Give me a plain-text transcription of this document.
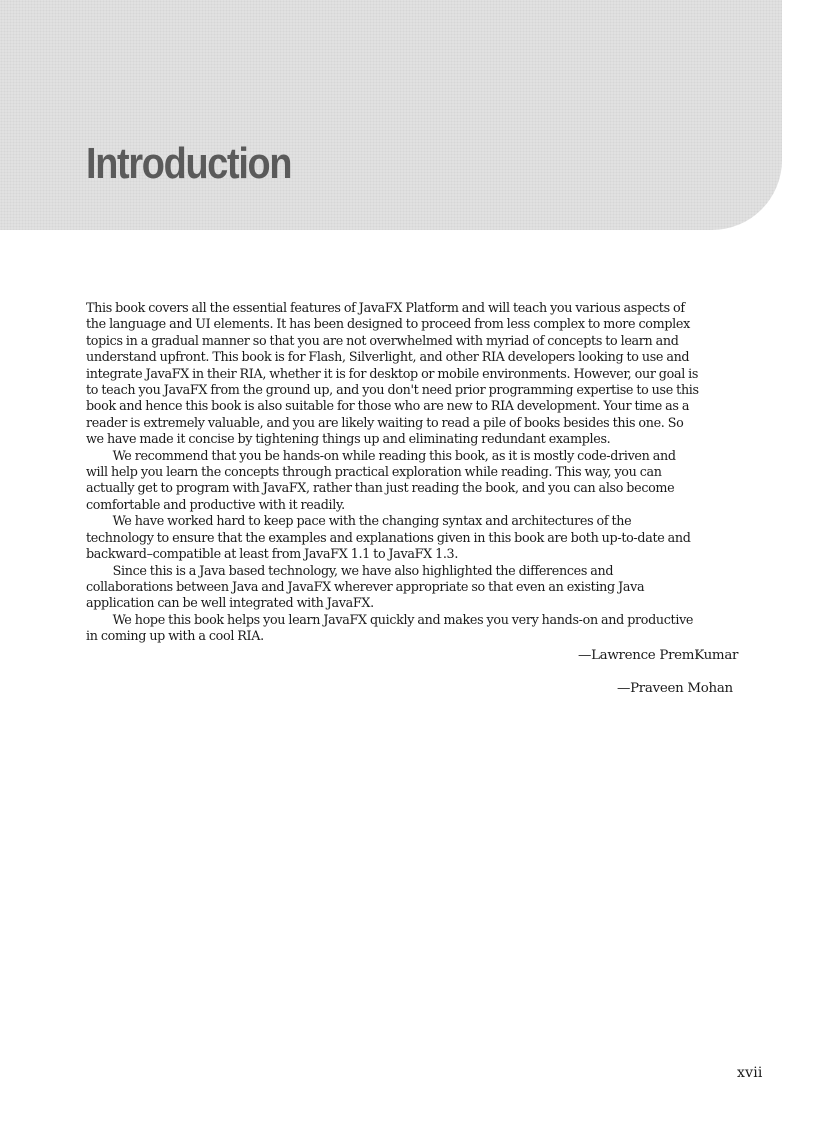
Introduction

This book covers all the essential features of JavaFX Platform and will teach you various aspects of the language and UI elements. It has been designed to proceed from less complex to more complex topics in a gradual manner so that you are not overwhelmed with myriad of concepts to learn and understand upfront. This book is for Flash, Silverlight, and other RIA developers looking to use and integrate JavaFX in their RIA, whether it is for desktop or mobile environments. However, our goal is to teach you JavaFX from the ground up, and you don't need prior programming expertise to use this book and hence this book is also suitable for those who are new to RIA development. Your time as a reader is extremely valuable, and you are likely waiting to read a pile of books besides this one. So we have made it concise by tightening things up and eliminating redundant examples.

We recommend that you be hands-on while reading this book, as it is mostly code-driven and will help you learn the concepts through practical exploration while reading. This way, you can actually get to program with JavaFX, rather than just reading the book, and you can also become comfortable and productive with it readily.

We have worked hard to keep pace with the changing syntax and architectures of the technology to ensure that the examples and explanations given in this book are both up-to-date and backward–compatible at least from JavaFX 1.1 to JavaFX 1.3.

Since this is a Java based technology, we have also highlighted the differences and collaborations between Java and JavaFX wherever appropriate so that even an existing Java application can be well integrated with JavaFX.

We hope this book helps you learn JavaFX quickly and makes you very hands-on and productive in coming up with a cool RIA.

—Lawrence PremKumar

—Praveen Mohan

xvii
